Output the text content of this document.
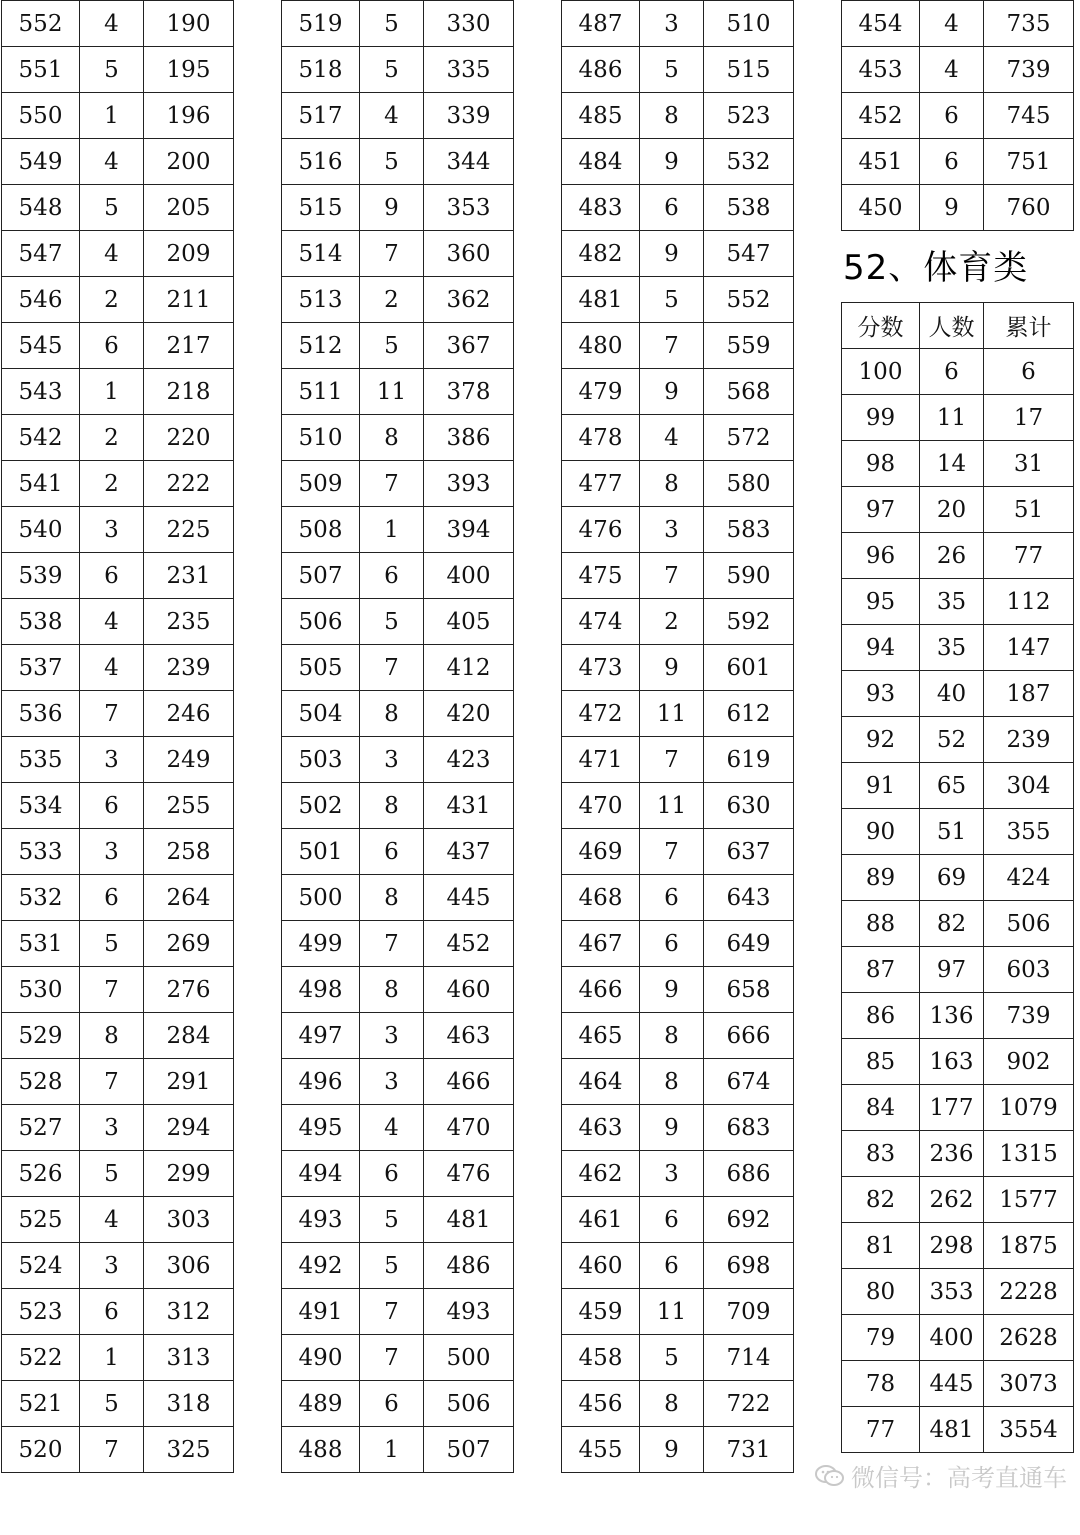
552	4	190
551	5	195
550	1	196
549	4	200
548	5	205
547	4	209
546	2	211
545	6	217
543	1	218
542	2	220
541	2	222
540	3	225
539	6	231
538	4	235
537	4	239
536	7	246
535	3	249
534	6	255
533	3	258
532	6	264
531	5	269
530	7	276
529	8	284
528	7	291
527	3	294
526	5	299
525	4	303
524	3	306
523	6	312
522	1	313
521	5	318
520	7	325
519	5	330
518	5	335
517	4	339
516	5	344
515	9	353
514	7	360
513	2	362
512	5	367
511	11	378
510	8	386
509	7	393
508	1	394
507	6	400
506	5	405
505	7	412
504	8	420
503	3	423
502	8	431
501	6	437
500	8	445
499	7	452
498	8	460
497	3	463
496	3	466
495	4	470
494	6	476
493	5	481
492	5	486
491	7	493
490	7	500
489	6	506
488	1	507
487	3	510
486	5	515
485	8	523
484	9	532
483	6	538
482	9	547
481	5	552
480	7	559
479	9	568
478	4	572
477	8	580
476	3	583
475	7	590
474	2	592
473	9	601
472	11	612
471	7	619
470	11	630
469	7	637
468	6	643
467	6	649
466	9	658
465	8	666
464	8	674
463	9	683
462	3	686
461	6	692
460	6	698
459	11	709
458	5	714
456	8	722
455	9	731
454	4	735
453	4	739
452	6	745
451	6	751
450	9	760
52、体育类
分数	人数	累计
100	6	6
99	11	17
98	14	31
97	20	51
96	26	77
95	35	112
94	35	147
93	40	187
92	52	239
91	65	304
90	51	355
89	69	424
88	82	506
87	97	603
86	136	739
85	163	902
84	177	1079
83	236	1315
82	262	1577
81	298	1875
80	353	2228
79	400	2628
78	445	3073
77	481	3554
微信号：高考直通车
